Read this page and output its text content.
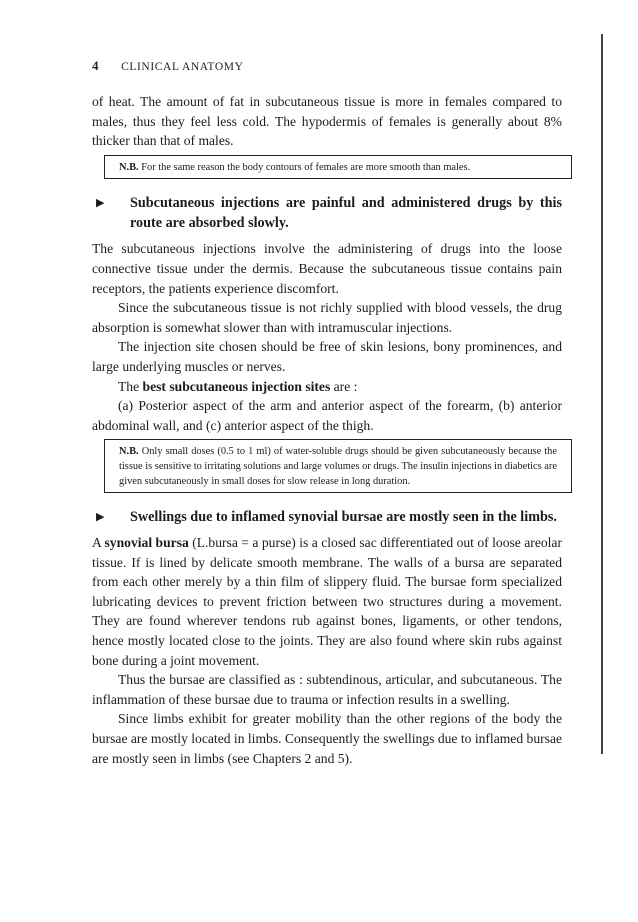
4 CLINICAL ANATOMY

of heat. The amount of fat in subcutaneous tissue is more in females compared to males, thus they feel less cold. The hypodermis of females is generally about 8% thicker than that of males.

N.B. For the same reason the body contours of females are more smooth than males.
▶ Subcutaneous injections are painful and administered drugs by this route are absorbed slowly.

The subcutaneous injections involve the administering of drugs into the loose connective tissue under the dermis. Because the subcutaneous tissue contains pain receptors, the patients experience discomfort.

Since the subcutaneous tissue is not richly supplied with blood vessels, the drug absorption is somewhat slower than with intramuscular injections.

The injection site chosen should be free of skin lesions, bony prominences, and large underlying muscles or nerves.

The best subcutaneous injection sites are :

(a) Posterior aspect of the arm and anterior aspect of the forearm, (b) anterior abdominal wall, and (c) anterior aspect of the thigh.

N.B. Only small doses (0.5 to 1 ml) of water-soluble drugs should be given subcutaneously because the tissue is sensitive to irritating solutions and large volumes or drugs. The insulin injections in diabetics are given subcutaneously in small doses for slow release in long duration.
▶ Swellings due to inflamed synovial bursae are mostly seen in the limbs.

A synovial bursa (L.bursa = a purse) is a closed sac differentiated out of loose areolar tissue. If is lined by delicate smooth membrane. The walls of a bursa are separated from each other merely by a thin film of slippery fluid. The bursae form specialized lubricating devices to prevent friction between two structures during a movement. They are found wherever tendons rub against bones, ligaments, or other tendons, hence mostly located close to the joints. They are also found where skin rubs against bone during a joint movement.

Thus the bursae are classified as : subtendinous, articular, and subcutaneous. The inflammation of these bursae due to trauma or infection results in a swelling.

Since limbs exhibit for greater mobility than the other regions of the body the bursae are mostly located in limbs. Consequently the swellings due to inflamed bursae are mostly seen in limbs (see Chapters 2 and 5).
